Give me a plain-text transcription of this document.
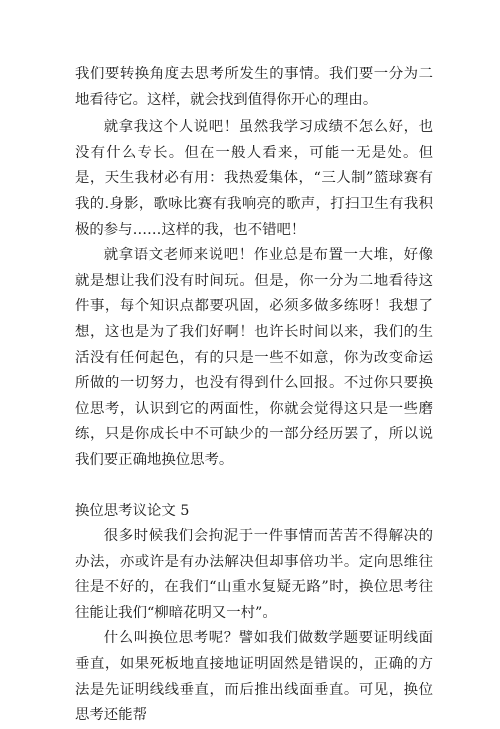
我们要转换角度去思考所发生的事情。我们要一分为二地看待它。这样，就会找到值得你开心的理由。

就拿我这个人说吧！虽然我学习成绩不怎么好，也没有什么专长。但在一般人看来，可能一无是处。但是，天生我材必有用：我热爱集体，“三人制”篮球赛有我的.身影，歌咏比赛有我响亮的歌声，打扫卫生有我积极的参与……这样的我，也不错吧！

就拿语文老师来说吧！作业总是布置一大堆，好像就是想让我们没有时间玩。但是，你一分为二地看待这件事，每个知识点都要巩固，必须多做多练呀！我想了想，这也是为了我们好啊！也许长时间以来，我们的生活没有任何起色，有的只是一些不如意，你为改变命运所做的一切努力，也没有得到什么回报。不过你只要换位思考，认识到它的两面性，你就会觉得这只是一些磨练，只是你成长中不可缺少的一部分经历罢了，所以说我们要正确地换位思考。

换位思考议论文 5

很多时候我们会拘泥于一件事情而苦苦不得解决的办法，亦或许是有办法解决但却事倍功半。定向思维往往是不好的，在我们“山重水复疑无路”时，换位思考往往能让我们“柳暗花明又一村”。

什么叫换位思考呢？譬如我们做数学题要证明线面垂直，如果死板地直接地证明固然是错误的，正确的方法是先证明线线垂直，而后推出线面垂直。可见，换位思考还能帮
